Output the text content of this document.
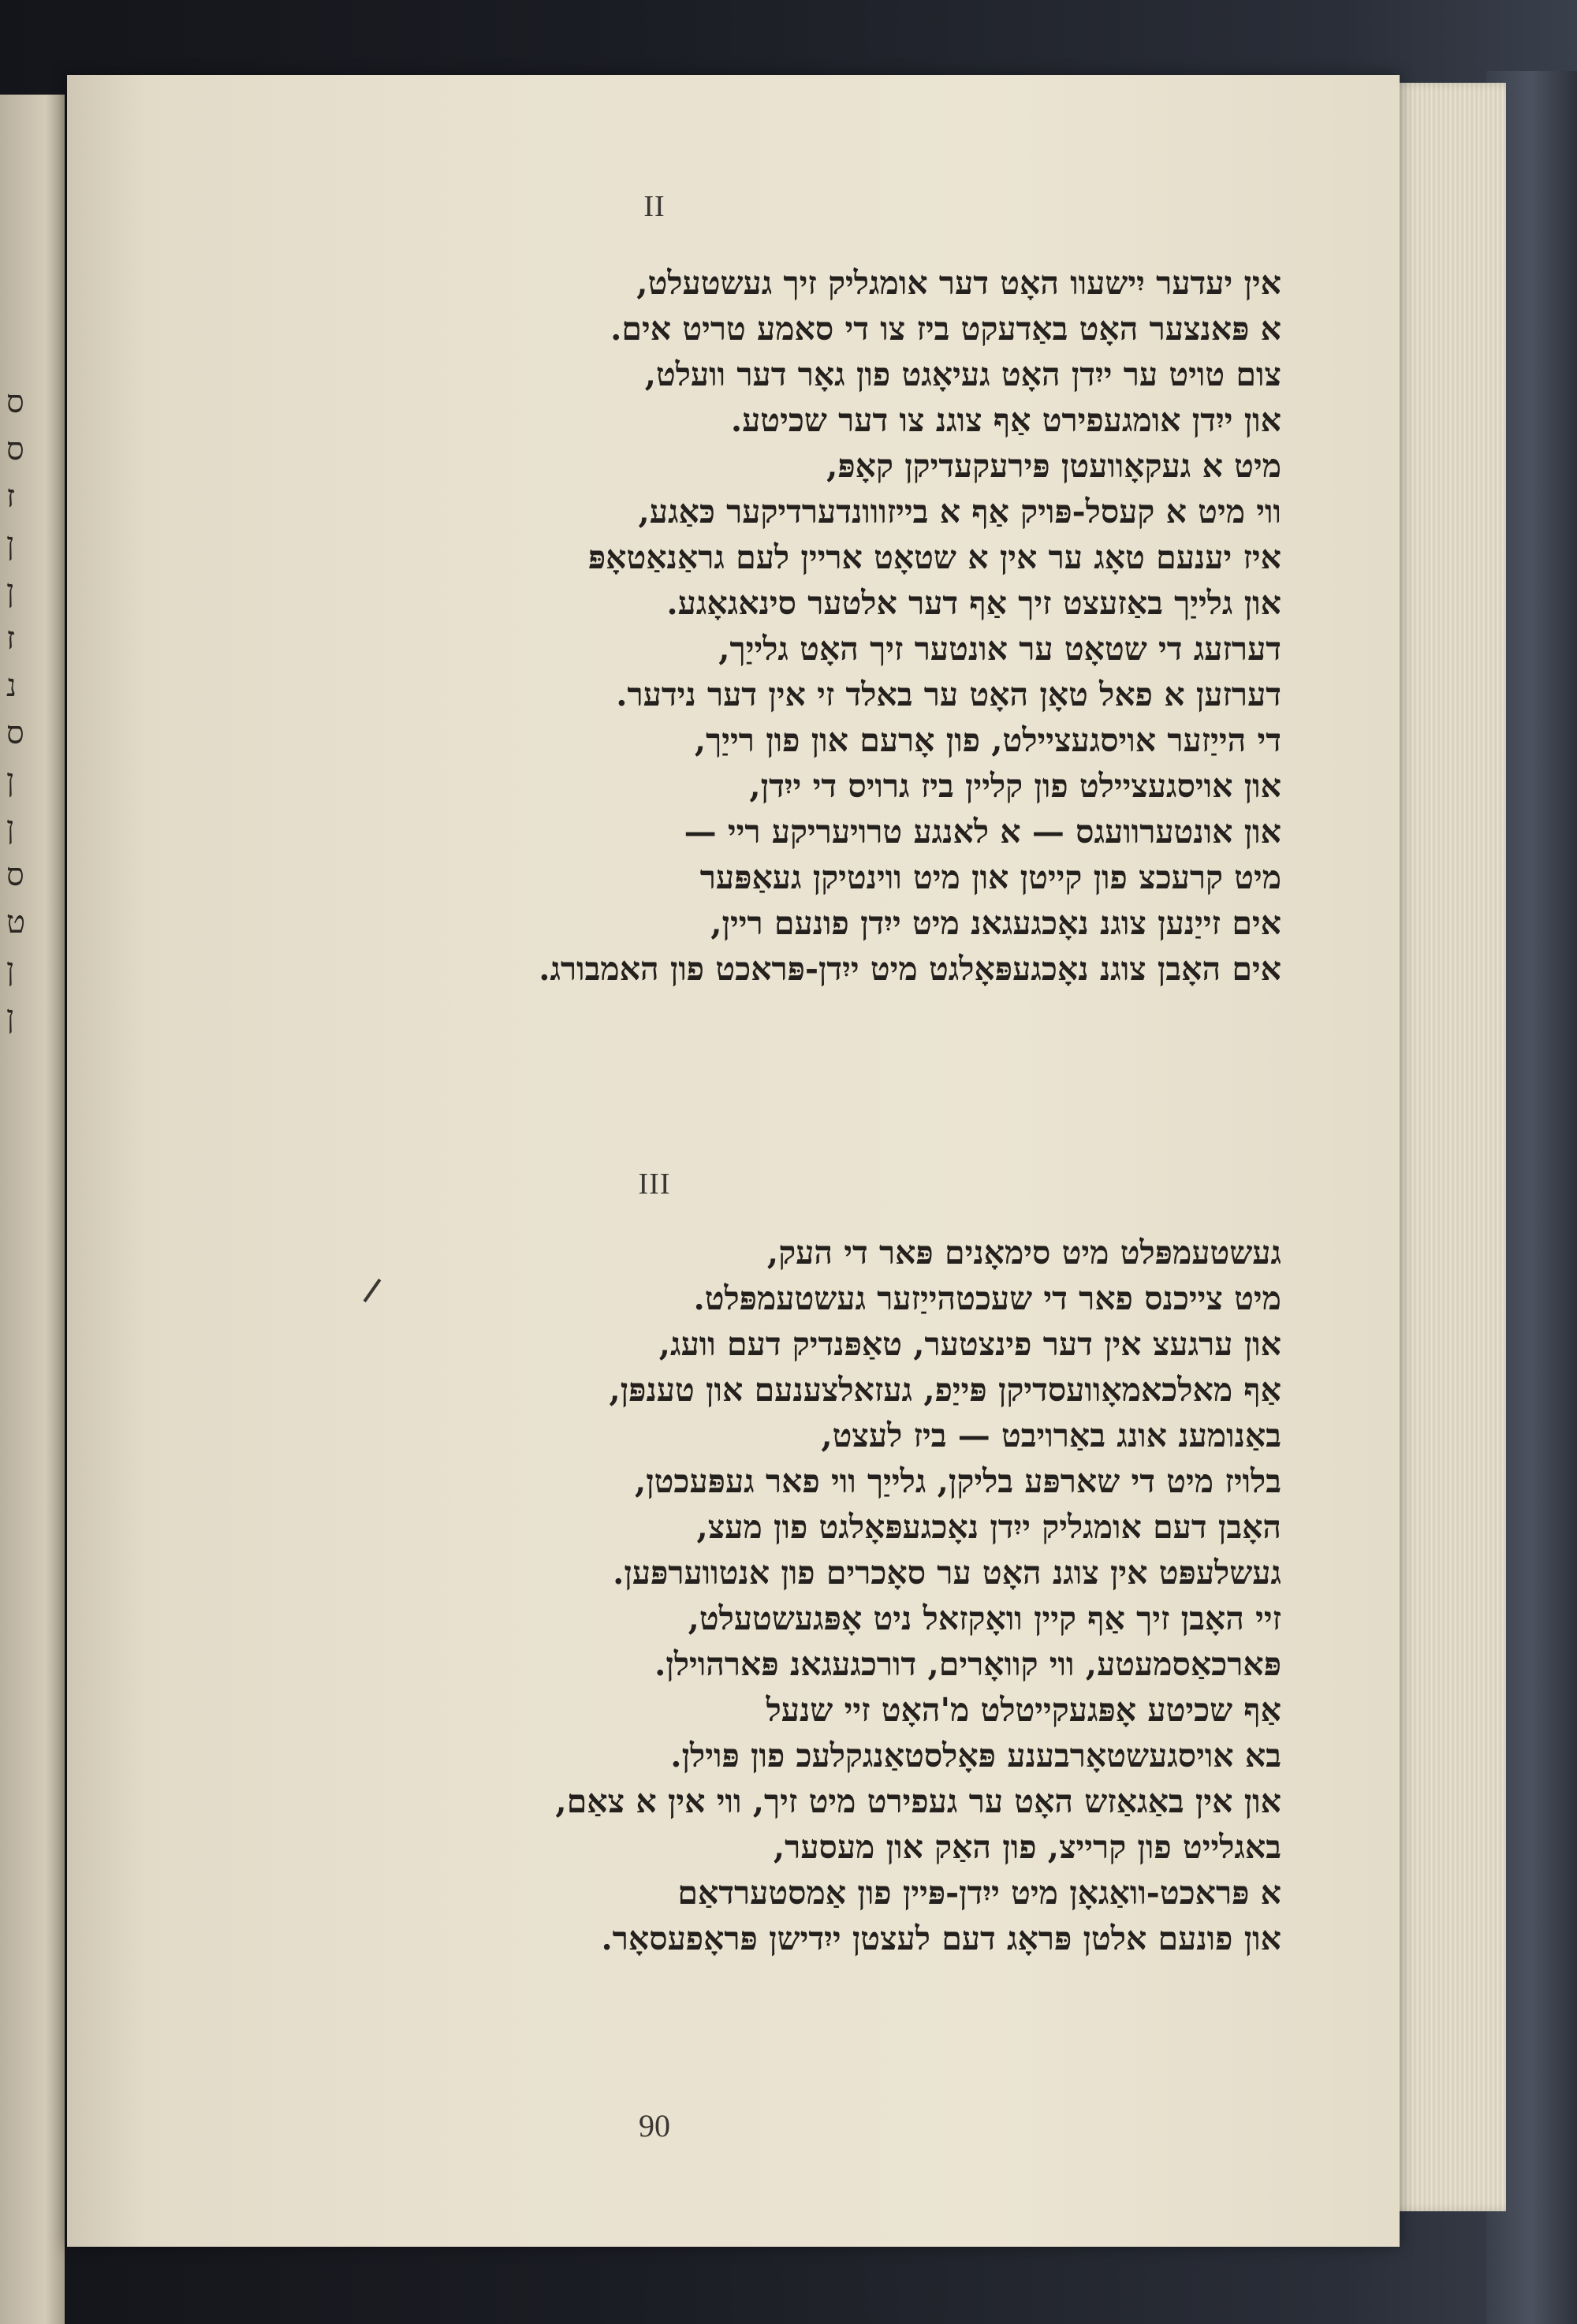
ס
ס
ז
ן
ן
ז
נ
ס
ן
ן
ס
ט
ן
ן
II
אין יעדער יִישעוו האָט דער אומגליק זיך געשטעלט,
א פּאנצער האָט באַדעקט ביז צו די סאמע טריט אים.
צום טויט ער ייִדן האָט געיאָגט פון גאָר דער וועלט,
און ייִדן אומגעפירט אַף צוגנ צו דער שכיטע.
מיט א געקאָוועטן פּירעקעדיקן קאָפּ,
ווי מיט א קעסל-פּויק אַף א בייזווונדערדיקער כּאַגע,
איז יענעם טאָג ער אין א שטאָט אריין לעם גראַנאַטאָפּ
און גלייַך באַזעצט זיך אַף דער אלטער סינאגאָגע.
דערזעג די שטאָט ער אונטער זיך האָט גלייַך,
דערזען א פאל טאָן האָט ער באלד זי אין דער נידער.
די הייַזער אויסגעציילט, פון אָרעם און פון רייַך,
און אויסגעציילט פון קליין ביז גרויס די ייִדן,
און אונטערוועגס — א לאנגע טרויעריקע ריי —
מיט קרעכצ פון קייטן און מיט ווינטיקן געאַפּער
אים זייַנען צוגנ נאָכגעגאנ מיט ייִדן פונעם ריין,
אים האָבן צוגנ נאָכגעפּאָלגט מיט ייִדן-פּראכט פון האמבורג.
III
געשטעמפּלט מיט סימאָנים פּאר די העק,
מיט צייכנס פאר די שעכטהייַזער געשטעמפּלט.
און ערגעצ אין דער פינצטער, טאַפּנדיק דעם וועג,
אַף מאלכאמאָוועסדיקן פּייַפ, געזאלצענעם און טענפּן,
באַנומענ אונג באַרויבט — ביז לעצט,
בלויז מיט די שארפּע בליקן, גלייַך ווי פאר געפּעכטן,
האָבן דעם אומגליק ייִדן נאָכגעפּאָלגט פון מעצ,
געשלעפּט אין צוגנ האָט ער סאָכרים פון אנטווערפּען.
זיי האָבן זיך אַף קיין וואָקזאל ניט אָפּגעשטעלט,
פּארכאַסמעטע, ווי קוואָרים, דורכגעגאנ פּארהוילן.
אַף שכיטע אָפּגעקייטלט מ'האָט זיי שנעל
בא אויסגעשטאָרבענע פּאָלסטאַנגקלעכ פון פּוילן.
און אין באַגאַזש האָט ער געפירט מיט זיך, ווי אין א צאַם,
באגלייט פון קרייצ, פון האַק און מעסער,
א פּראכט-וואַגאָן מיט ייִדן-פּיין פון אַמסטערדאַם
און פונעם אלטן פּראָג דעם לעצטן ייִדישן פּראָפעסאָר.
90
